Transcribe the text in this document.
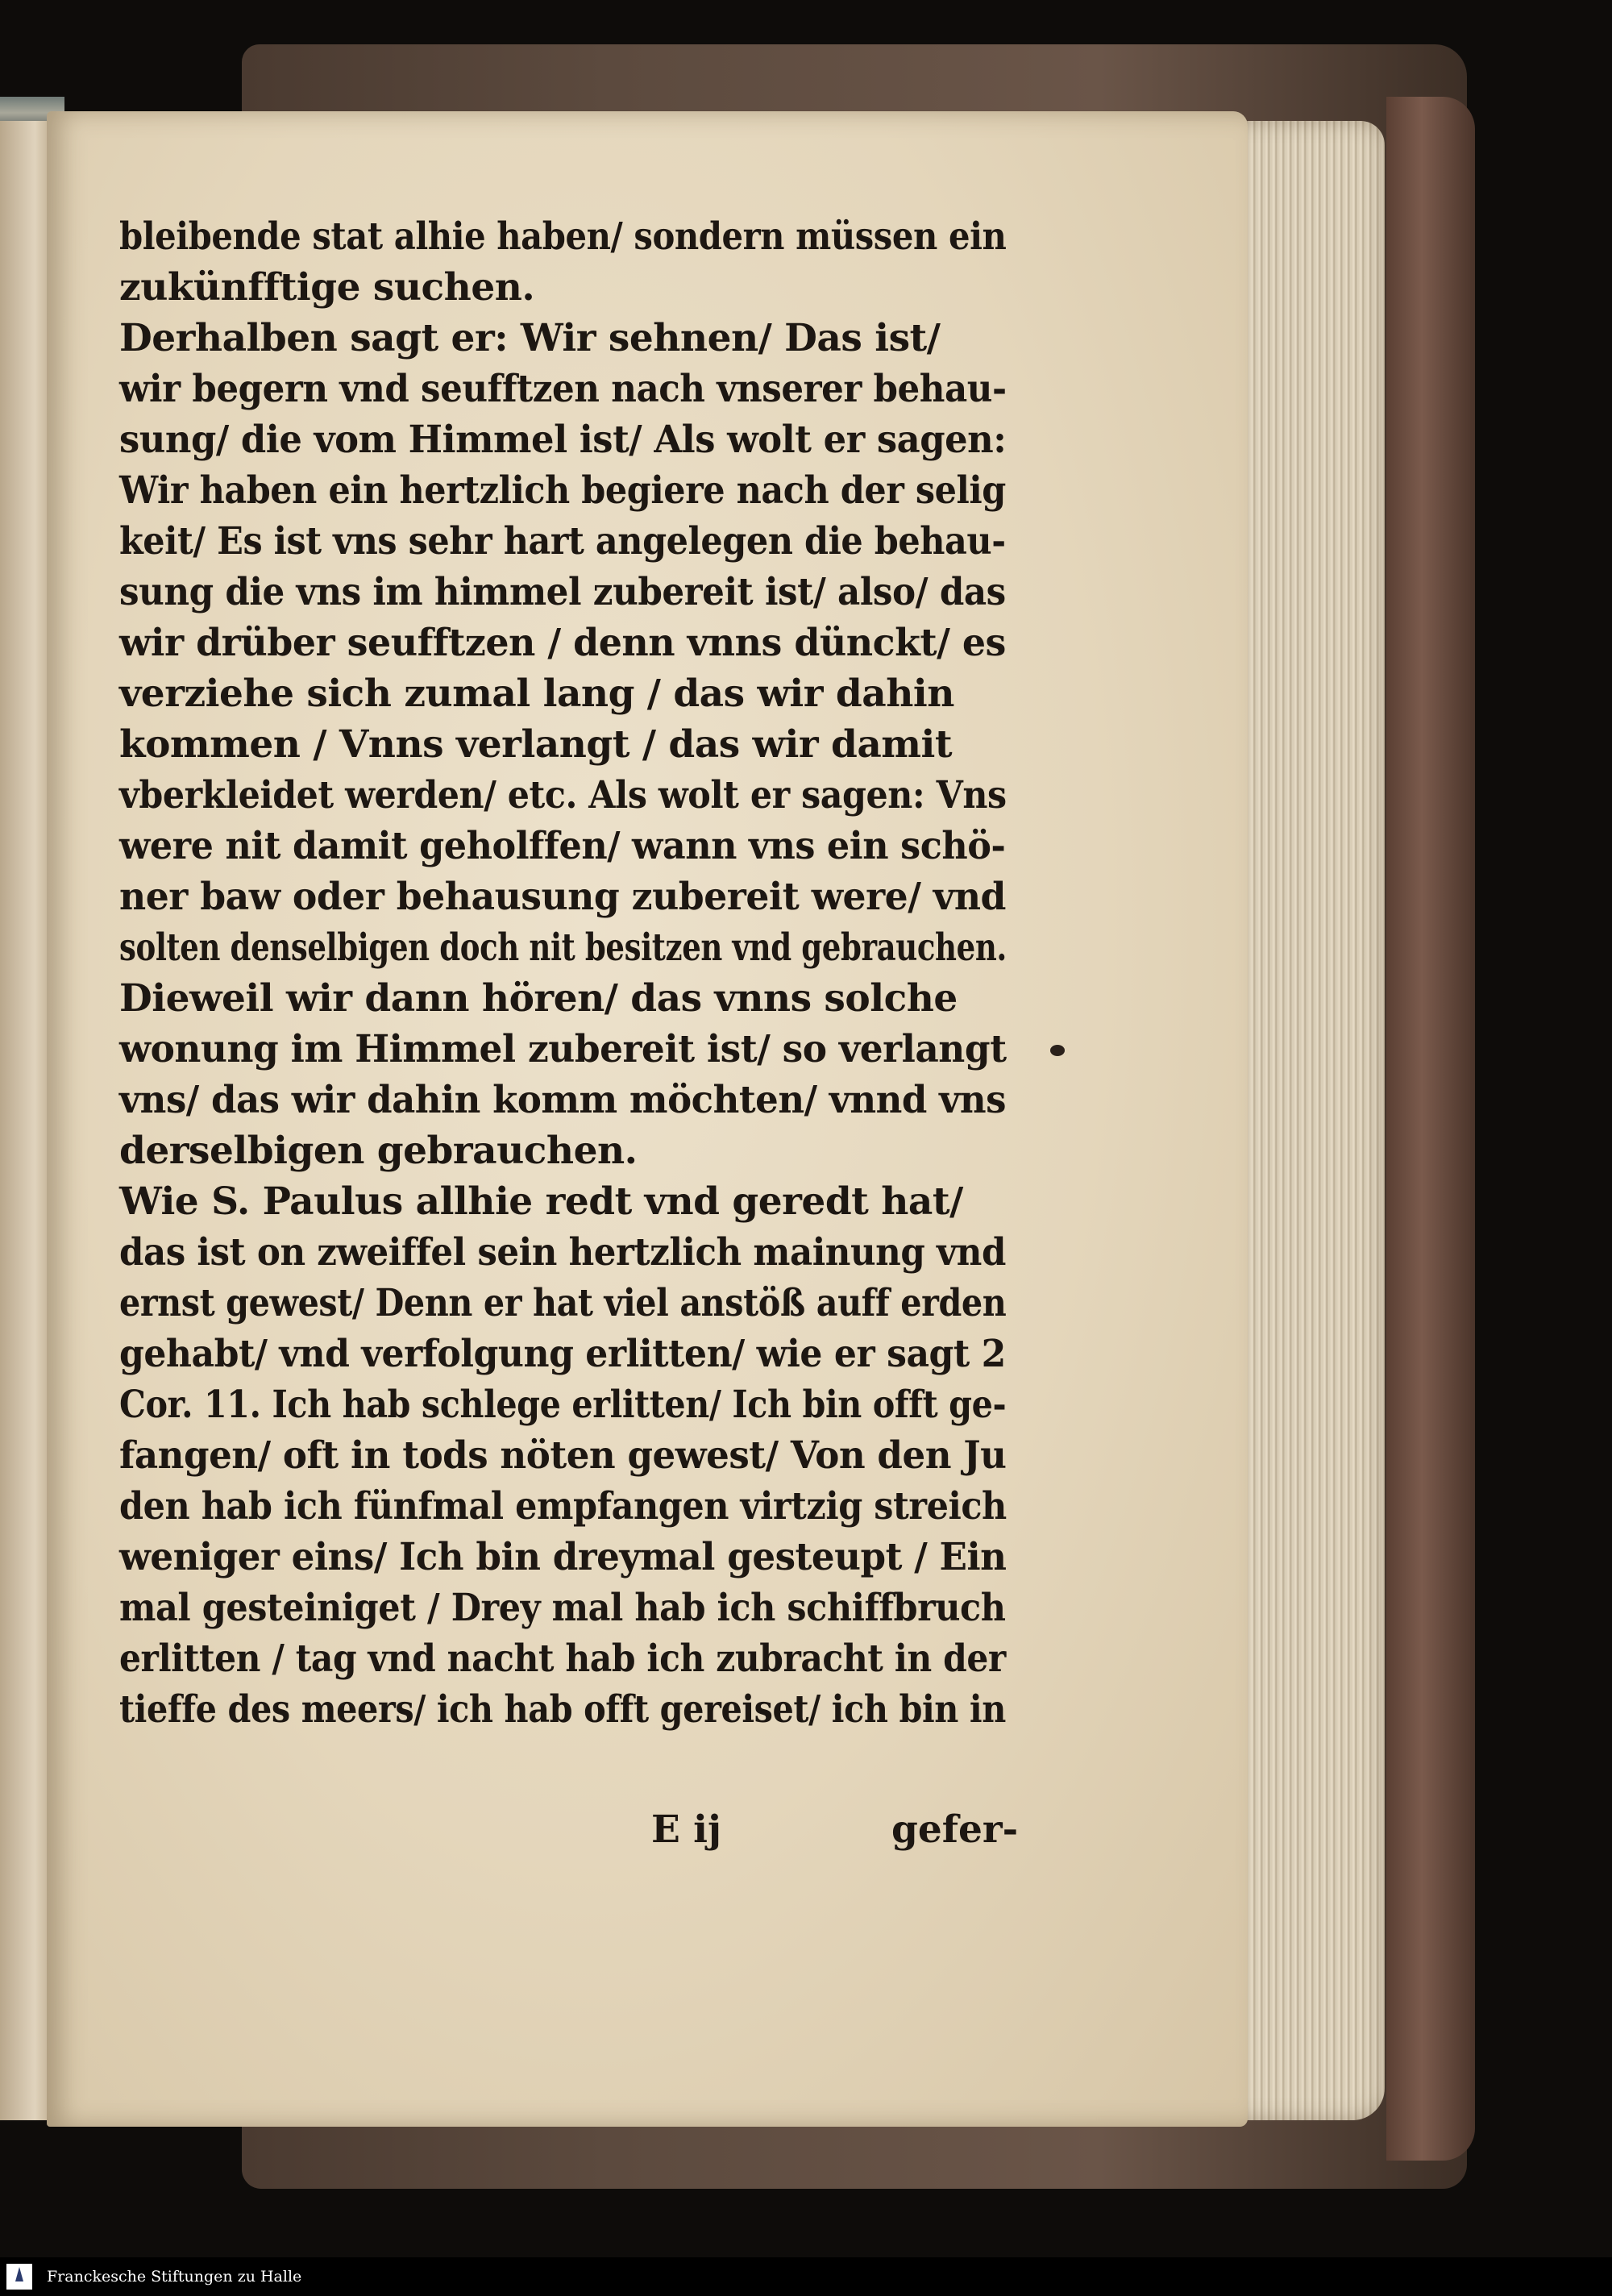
bleibende stat alhie haben/ sondern müssen ein
zukünfftige suchen.
Derhalben sagt er: Wir sehnen/ Das ist/
wir begern vnd seufftzen nach vnserer behau-
sung/ die vom Himmel ist/ Als wolt er sagen:
Wir haben ein hertzlich begiere nach der selig
keit/ Es ist vns sehr hart angelegen die behau-
sung die vns im himmel zubereit ist/ also/ das
wir drüber seufftzen / denn vnns dünckt/ es
verziehe sich zumal lang / das wir dahin
kommen / Vnns verlangt / das wir damit
vberkleidet werden/ etc. Als wolt er sagen: Vns
were nit damit geholffen/ wann vns ein schö-
ner baw oder behausung zubereit were/ vnd
solten denselbigen doch nit besitzen vnd gebrauchen.
Dieweil wir dann hören/ das vnns solche
wonung im Himmel zubereit ist/ so verlangt
vns/ das wir dahin komm möchten/ vnnd vns
derselbigen gebrauchen.
Wie S. Paulus allhie redt vnd geredt hat/
das ist on zweiffel sein hertzlich mainung vnd
ernst gewest/ Denn er hat viel anstöß auff erden
gehabt/ vnd verfolgung erlitten/ wie er sagt 2
Cor. 11. Ich hab schlege erlitten/ Ich bin offt ge-
fangen/ oft in tods nöten gewest/ Von den Ju
den hab ich fünfmal empfangen virtzig streich
weniger eins/ Ich bin dreymal gesteupt / Ein
mal gesteiniget / Drey mal hab ich schiffbruch
erlitten / tag vnd nacht hab ich zubracht in der
tieffe des meers/ ich hab offt gereiset/ ich bin in
E ij	gefer-
Franckesche Stiftungen zu Halle
